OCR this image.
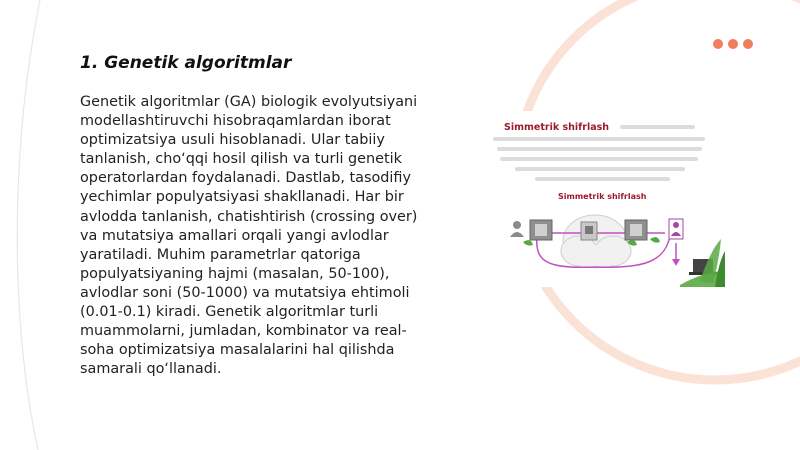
1. Genetik algoritmlar

Genetik algoritmlar (GA) biologik evolyutsiyani modellashtiruvchi hisobraqamlardan iborat optimizatsiya usuli hisoblanadi. Ular tabiiy tanlanish, cho‘qqi hosil qilish va turli genetik operatorlardan foydalanadi. Dastlab, tasodifiy yechimlar populyatsiyasi shakllanadi. Har bir avlodda tanlanish, chatishtirish (crossing over) va mutatsiya amallari orqali yangi avlodlar yaratiladi. Muhim parametrlar qatoriga populyatsiyaning hajmi (masalan, 50-100), avlodlar soni (50-1000) va mutatsiya ehtimoli (0.01-0.1) kiradi. Genetik algoritmlar turli muammolarni, jumladan, kombinator va real-soha optimizatsiya masalalarini hal qilishda samarali qo‘llanadi.

Simmetrik shifrlash
Simmetrik shifrlash
